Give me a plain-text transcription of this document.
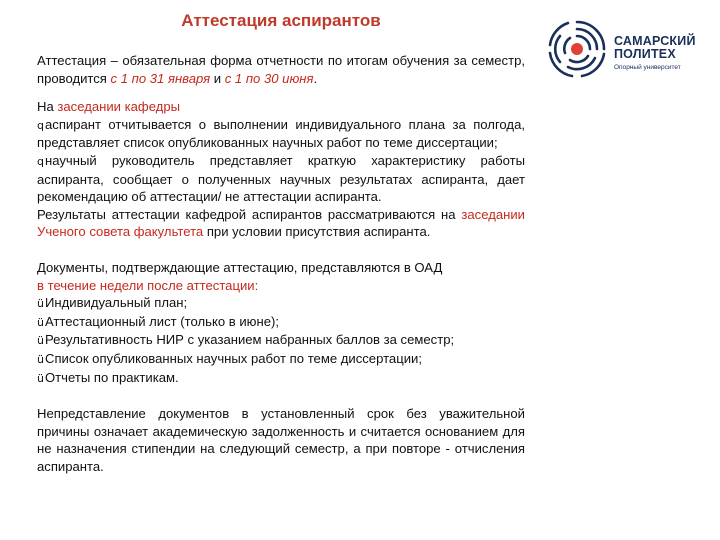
Аттестация аспирантов

Аттестация – обязательная форма отчетности по итогам обучения за семестр, проводится с 1 по 31 января и с 1 по 30 июня.

На заседании кафедры

qаспирант отчитывается о выполнении индивидуального плана за полгода, представляет список опубликованных научных работ по теме диссертации;

qнаучный руководитель представляет краткую характеристику работы аспиранта, сообщает о полученных научных результатах аспиранта, дает рекомендацию об аттестации/ не аттестации аспиранта.

Результаты аттестации кафедрой аспирантов рассматриваются на заседании Ученого совета факультета при условии присутствия аспиранта.

Документы, подтверждающие аттестацию, представляются в ОАД

в течение недели после аттестации:

üИндивидуальный план;

üАттестационный лист (только в июне);

üРезультативность НИР с указанием набранных баллов за семестр;

üСписок опубликованных научных работ по теме диссертации;

üОтчеты по практикам.

Непредставление документов в установленный срок без уважительной причины означает академическую задолженность и считается основанием для не назначения стипендии на следующий семестр, а при повторе - отчисления аспиранта.

САМАРСКИЙ
ПОЛИТЕХ
Опорный университет
